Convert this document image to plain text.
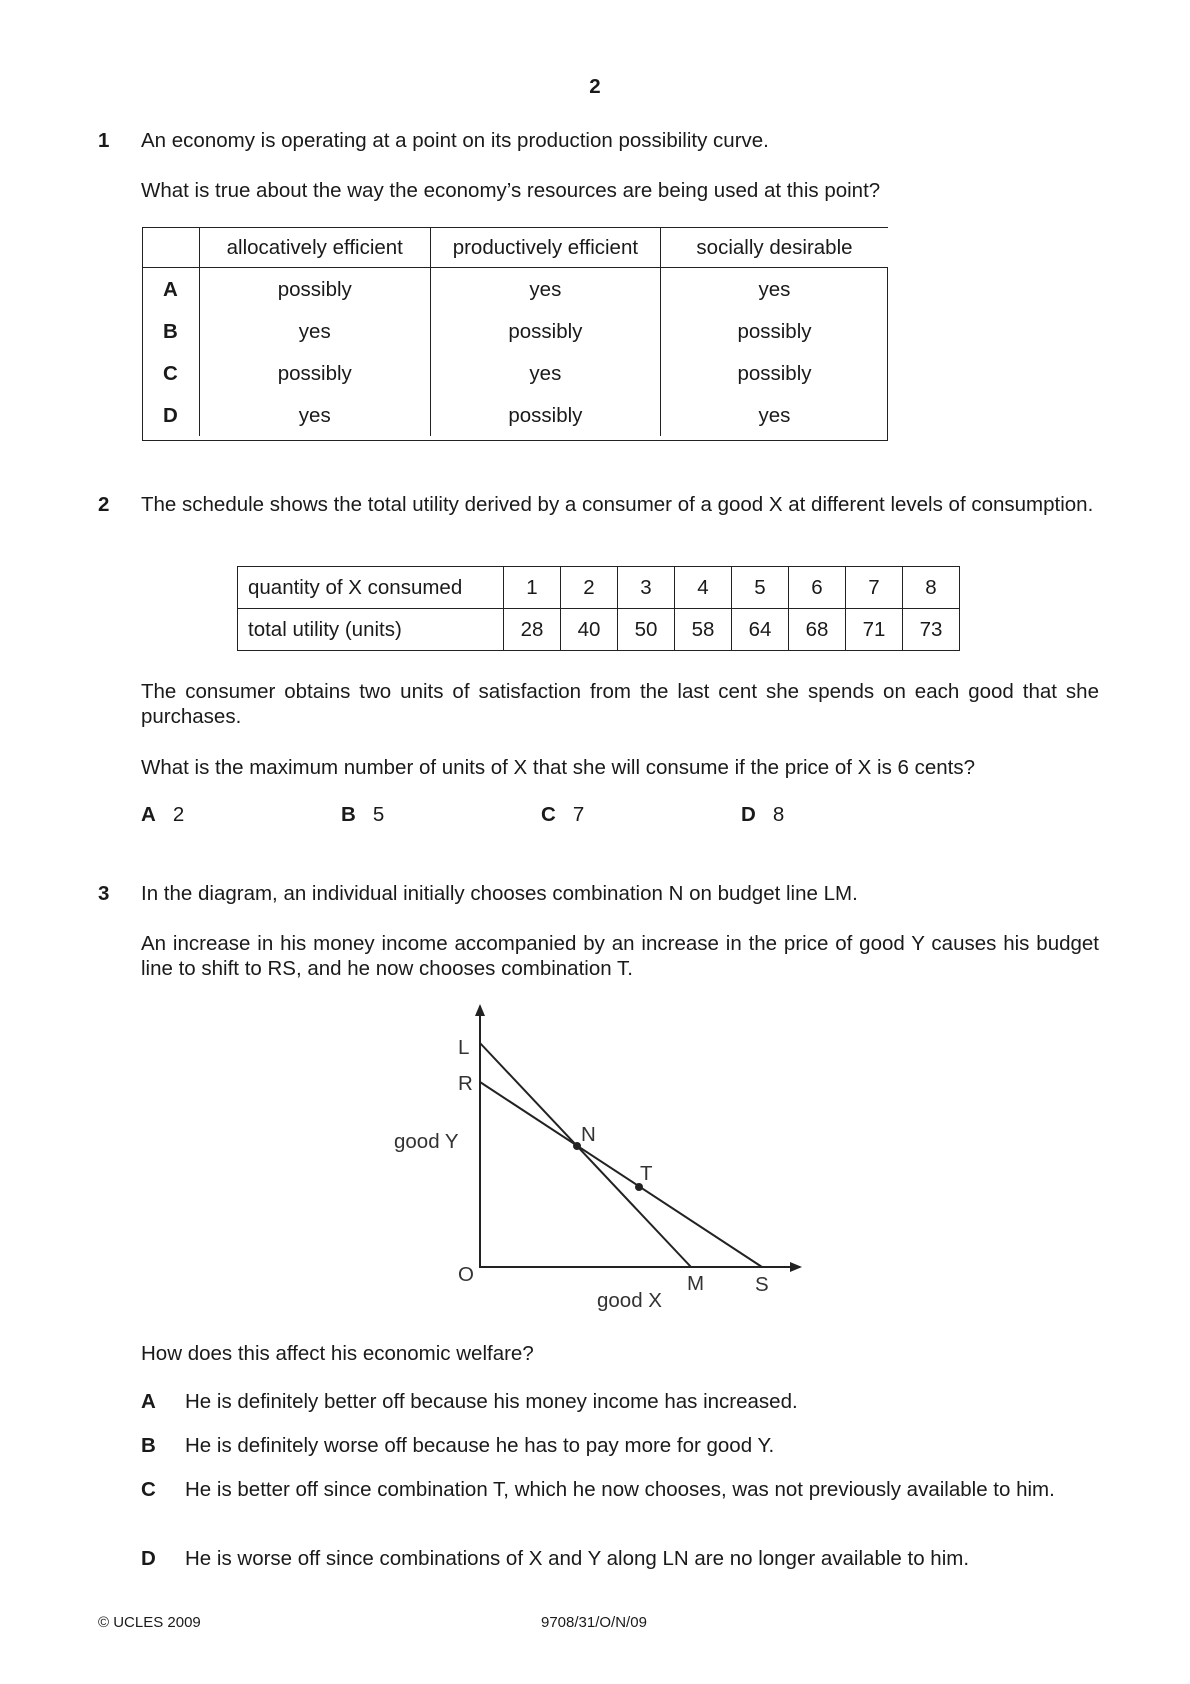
2
1 An economy is operating at a point on its production possibility curve.
What is true about the way the economy’s resources are being used at this point?
	allocatively efficient	productively efficient	socially desirable
A	possibly	yes	yes
B	yes	possibly	possibly
C	possibly	yes	possibly
D	yes	possibly	yes
2 The schedule shows the total utility derived by a consumer of a good X at different levels of consumption.
quantity of X consumed	1	2	3	4	5	6	7	8
total utility (units)	28	40	50	58	64	68	71	73
The consumer obtains two units of satisfaction from the last cent she spends on each good that she purchases.
What is the maximum number of units of X that she will consume if the price of X is 6 cents?
A 2	B 5	C 7	D 8
3 In the diagram, an individual initially chooses combination N on budget line LM.
An increase in his money income accompanied by an increase in the price of good Y causes his budget line to shift to RS, and he now chooses combination T.
L
R
good Y	N
T
O	M S
good X
How does this affect his economic welfare?
A He is definitely better off because his money income has increased.
B He is definitely worse off because he has to pay more for good Y.
C He is better off since combination T, which he now chooses, was not previously available to him.
D He is worse off since combinations of X and Y along LN are no longer available to him.
© UCLES 2009	9708/31/O/N/09
